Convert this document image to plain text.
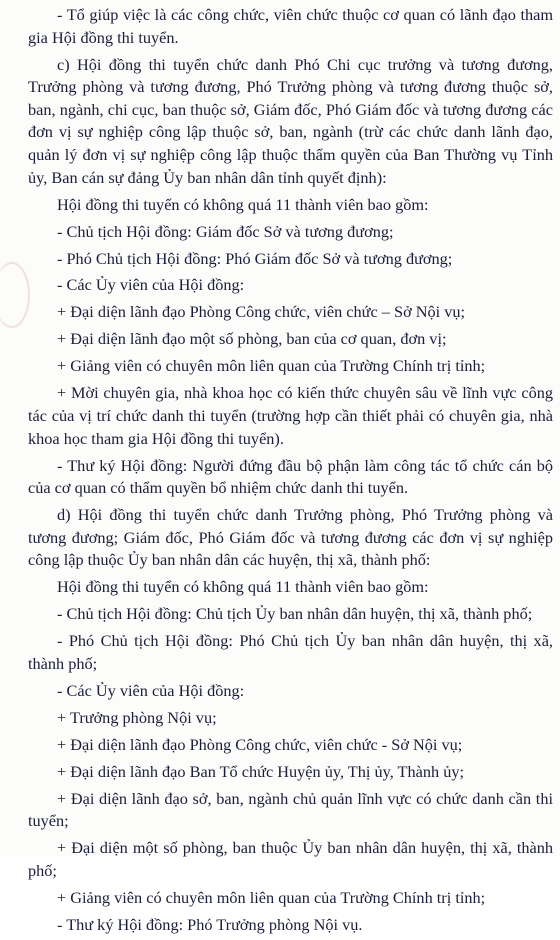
- Tổ giúp việc là các công chức, viên chức thuộc cơ quan có lãnh đạo tham gia Hội đồng thi tuyển.

c) Hội đồng thi tuyển chức danh Phó Chi cục trưởng và tương đương, Trưởng phòng và tương đương, Phó Trưởng phòng và tương đương thuộc sở, ban, ngành, chi cục, ban thuộc sở, Giám đốc, Phó Giám đốc và tương đương các đơn vị sự nghiệp công lập thuộc sở, ban, ngành (trừ các chức danh lãnh đạo, quản lý đơn vị sự nghiệp công lập thuộc thẩm quyền của Ban Thường vụ Tỉnh ủy, Ban cán sự đảng Ủy ban nhân dân tỉnh quyết định):

Hội đồng thi tuyển có không quá 11 thành viên bao gồm:

- Chủ tịch Hội đồng: Giám đốc Sở và tương đương;

- Phó Chủ tịch Hội đồng: Phó Giám đốc Sở và tương đương;

- Các Ủy viên của Hội đồng:

+ Đại diện lãnh đạo Phòng Công chức, viên chức – Sở Nội vụ;

+ Đại diện lãnh đạo một số phòng, ban của cơ quan, đơn vị;

+ Giảng viên có chuyên môn liên quan của Trường Chính trị tỉnh;

+ Mời chuyên gia, nhà khoa học có kiến thức chuyên sâu về lĩnh vực công tác của vị trí chức danh thi tuyển (trường hợp cần thiết phải có chuyên gia, nhà khoa học tham gia Hội đồng thi tuyển).

- Thư ký Hội đồng: Người đứng đầu bộ phận làm công tác tổ chức cán bộ của cơ quan có thẩm quyền bổ nhiệm chức danh thi tuyển.

d) Hội đồng thi tuyển chức danh Trưởng phòng, Phó Trưởng phòng và tương đương; Giám đốc, Phó Giám đốc và tương đương các đơn vị sự nghiệp công lập thuộc Ủy ban nhân dân các huyện, thị xã, thành phố:

Hội đồng thi tuyển có không quá 11 thành viên bao gồm:

- Chủ tịch Hội đồng: Chủ tịch Ủy ban nhân dân huyện, thị xã, thành phố;

- Phó Chủ tịch Hội đồng: Phó Chủ tịch Ủy ban nhân dân huyện, thị xã, thành phố;

- Các Ủy viên của Hội đồng:

+ Trưởng phòng Nội vụ;

+ Đại diện lãnh đạo Phòng Công chức, viên chức - Sở Nội vụ;

+ Đại diện lãnh đạo Ban Tổ chức Huyện ủy, Thị ủy, Thành ủy;

+ Đại diện lãnh đạo sở, ban, ngành chủ quản lĩnh vực có chức danh cần thi tuyển;

+ Đại diện một số phòng, ban thuộc Ủy ban nhân dân huyện, thị xã, thành phố;

+ Giảng viên có chuyên môn liên quan của Trường Chính trị tỉnh;

- Thư ký Hội đồng: Phó Trưởng phòng Nội vụ.
